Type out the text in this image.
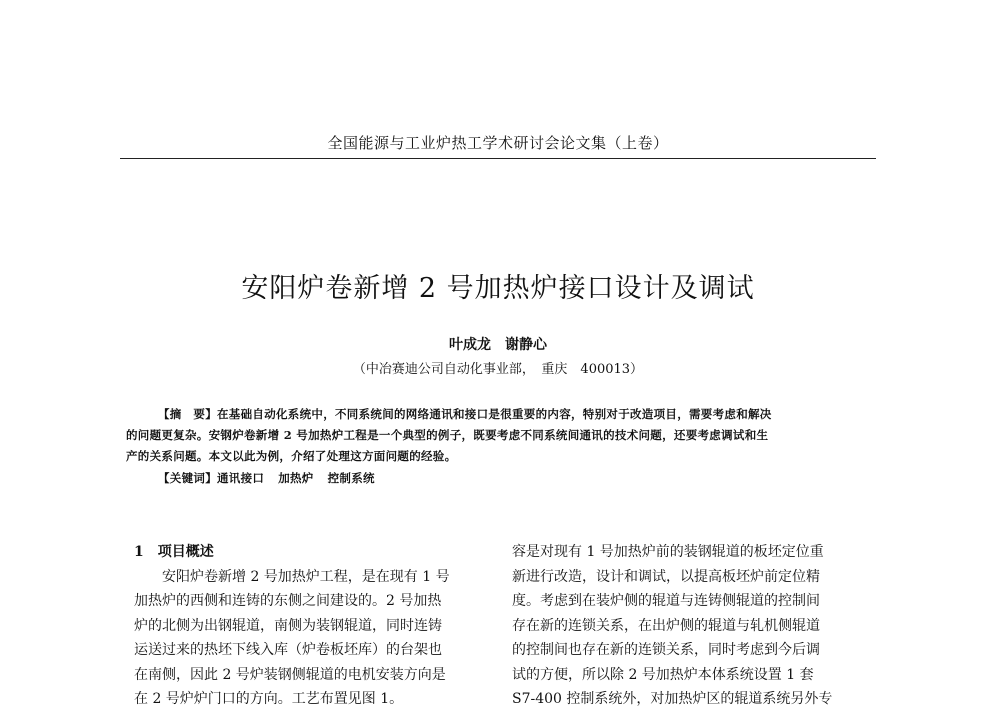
全国能源与工业炉热工学术研讨会论文集（上卷）
安阳炉卷新增 2 号加热炉接口设计及调试
叶成龙　谢静心
（中冶赛迪公司自动化事业部，　重庆　400013）
【摘　要】在基础自动化系统中，不同系统间的网络通讯和接口是很重要的内容，特别对于改造项目，需要考虑和解决
的问题更复杂。安钢炉卷新增 2 号加热炉工程是一个典型的例子，既要考虑不同系统间通讯的技术问题，还要考虑调试和生
产的关系问题。本文以此为例，介绍了处理这方面问题的经验。
【关键词】通讯接口 加热炉 控制系统
1　项目概述
安阳炉卷新增 2 号加热炉工程，是在现有 1 号
加热炉的西侧和连铸的东侧之间建设的。2 号加热
炉的北侧为出钢辊道，南侧为装钢辊道，同时连铸
运送过来的热坯下线入库（炉卷板坯库）的台架也
在南侧，因此 2 号炉装钢侧辊道的电机安装方向是
在 2 号炉炉门口的方向。工艺布置见图 1。
容是对现有 1 号加热炉前的装钢辊道的板坯定位重
新进行改造，设计和调试，以提高板坯炉前定位精
度。考虑到在装炉侧的辊道与连铸侧辊道的控制间
存在新的连锁关系，在出炉侧的辊道与轧机侧辊道
的控制间也存在新的连锁关系，同时考虑到今后调
试的方便，所以除 2 号加热炉本体系统设置 1 套
S7-400 控制系统外，对加热炉区的辊道系统另外专
